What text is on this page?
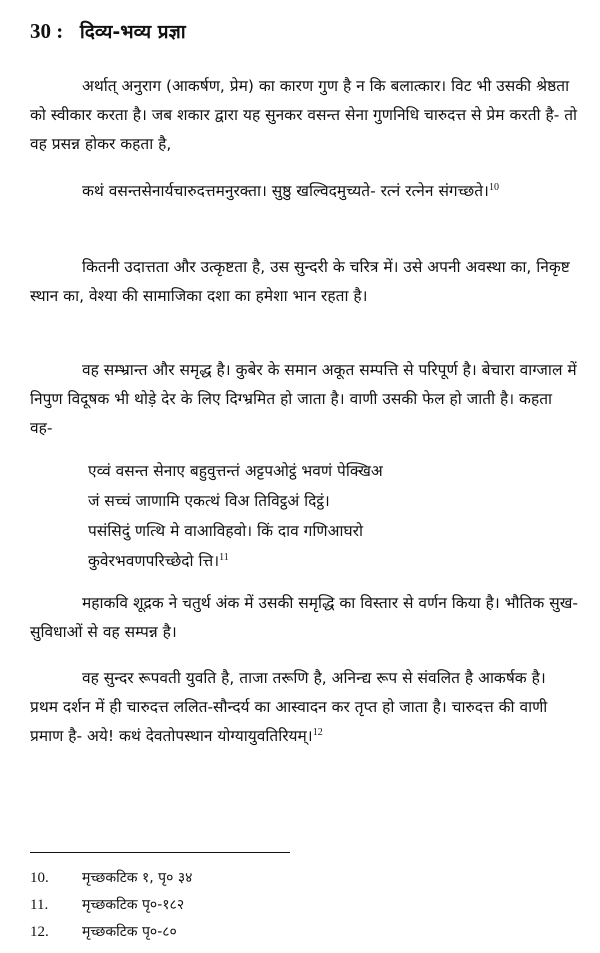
30 : दिव्य-भव्य प्रज्ञा

अर्थात् अनुराग (आकर्षण, प्रेम) का कारण गुण है न कि बलात्कार। विट भी उसकी श्रेष्ठता को स्वीकार करता है। जब शकार द्वारा यह सुनकर वसन्त सेना गुणनिधि चारुदत्त से प्रेम करती है- तो वह प्रसन्न होकर कहता है,

कथं वसन्तसेनार्यचारुदत्तमनुरक्ता। सुष्ठु खल्विदमुच्यते- रत्नं रत्नेन संगच्छते।$^{10}$

कितनी उदात्तता और उत्कृष्टता है, उस सुन्दरी के चरित्र में। उसे अपनी अवस्था का, निकृष्ट स्थान का, वेश्या की सामाजिका दशा का हमेशा भान रहता है।

वह सम्भ्रान्त और समृद्ध है। कुबेर के समान अकूत सम्पत्ति से परिपूर्ण है। बेचारा वाग्जाल में निपुण विदूषक भी थोड़े देर के लिए दिग्भ्रमित हो जाता है। वाणी उसकी फेल हो जाती है। कहता वह-

एव्वं वसन्त सेनाए बहुवुत्तन्तं अट्टपओट्ठं भवणं पेक्खिअ
जं सच्चं जाणामि एकत्थं विअ तिविट्ठअं दिट्ठं।
पसंसिदुं णत्थि मे वाआविहवो। किं दाव गणिआघरो
कुवेरभवणपरिच्छेदो त्ति।$^{11}$

महाकवि शूद्रक ने चतुर्थ अंक में उसकी समृद्धि का विस्तार से वर्णन किया है। भौतिक सुख-सुविधाओं से वह सम्पन्न है।

वह सुन्दर रूपवती युवति है, ताजा तरूणि है, अनिन्द्य रूप से संवलित है आकर्षक है। प्रथम दर्शन में ही चारुदत्त ललित-सौन्दर्य का आस्वादन कर तृप्त हो जाता है। चारुदत्त की वाणी प्रमाण है- अये! कथं देवतोपस्थान योग्यायुवतिरियम्।$^{12}$

10. मृच्छकटिक १, पृ० ३४
11. मृच्छकटिक पृ०-१८२
12. मृच्छकटिक पृ०-८०
